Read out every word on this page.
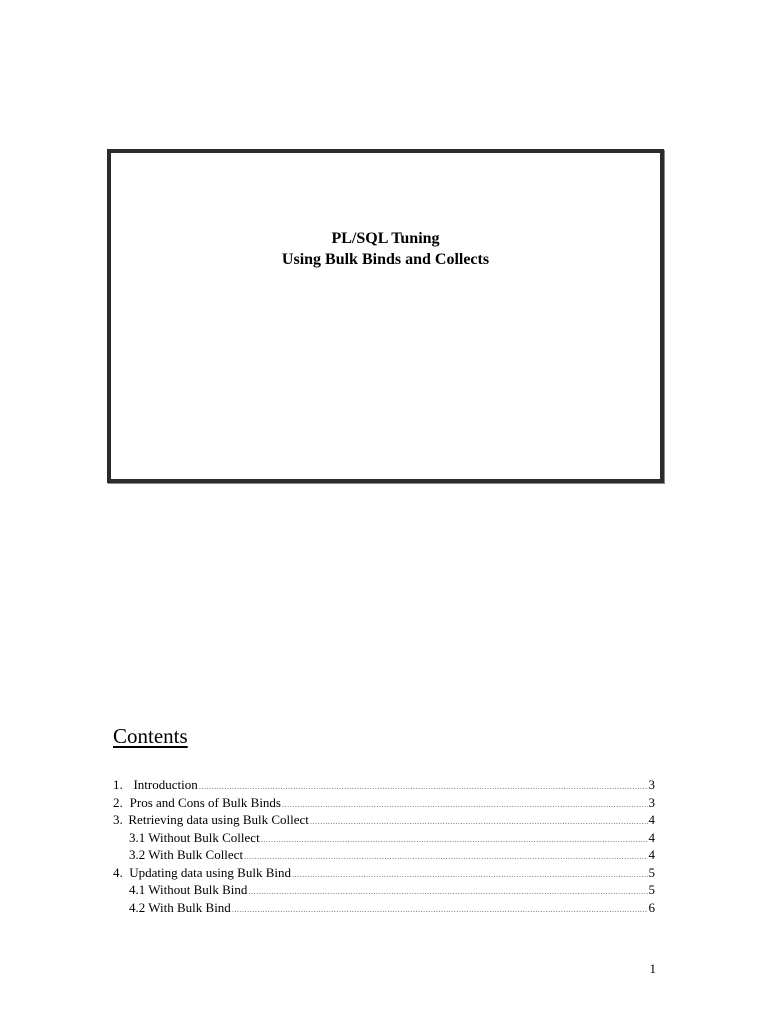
PL/SQL Tuning
Using Bulk Binds and Collects
Contents
1. Introduction .....	3
2. Pros and Cons of Bulk Binds .....	3
3. Retrieving data using Bulk Collect .....	4
3.1 Without Bulk Collect .....	4
3.2 With Bulk Collect .....	4
4. Updating data using Bulk Bind .....	5
4.1 Without Bulk Bind .....	5
4.2 With Bulk Bind .....	6
1
